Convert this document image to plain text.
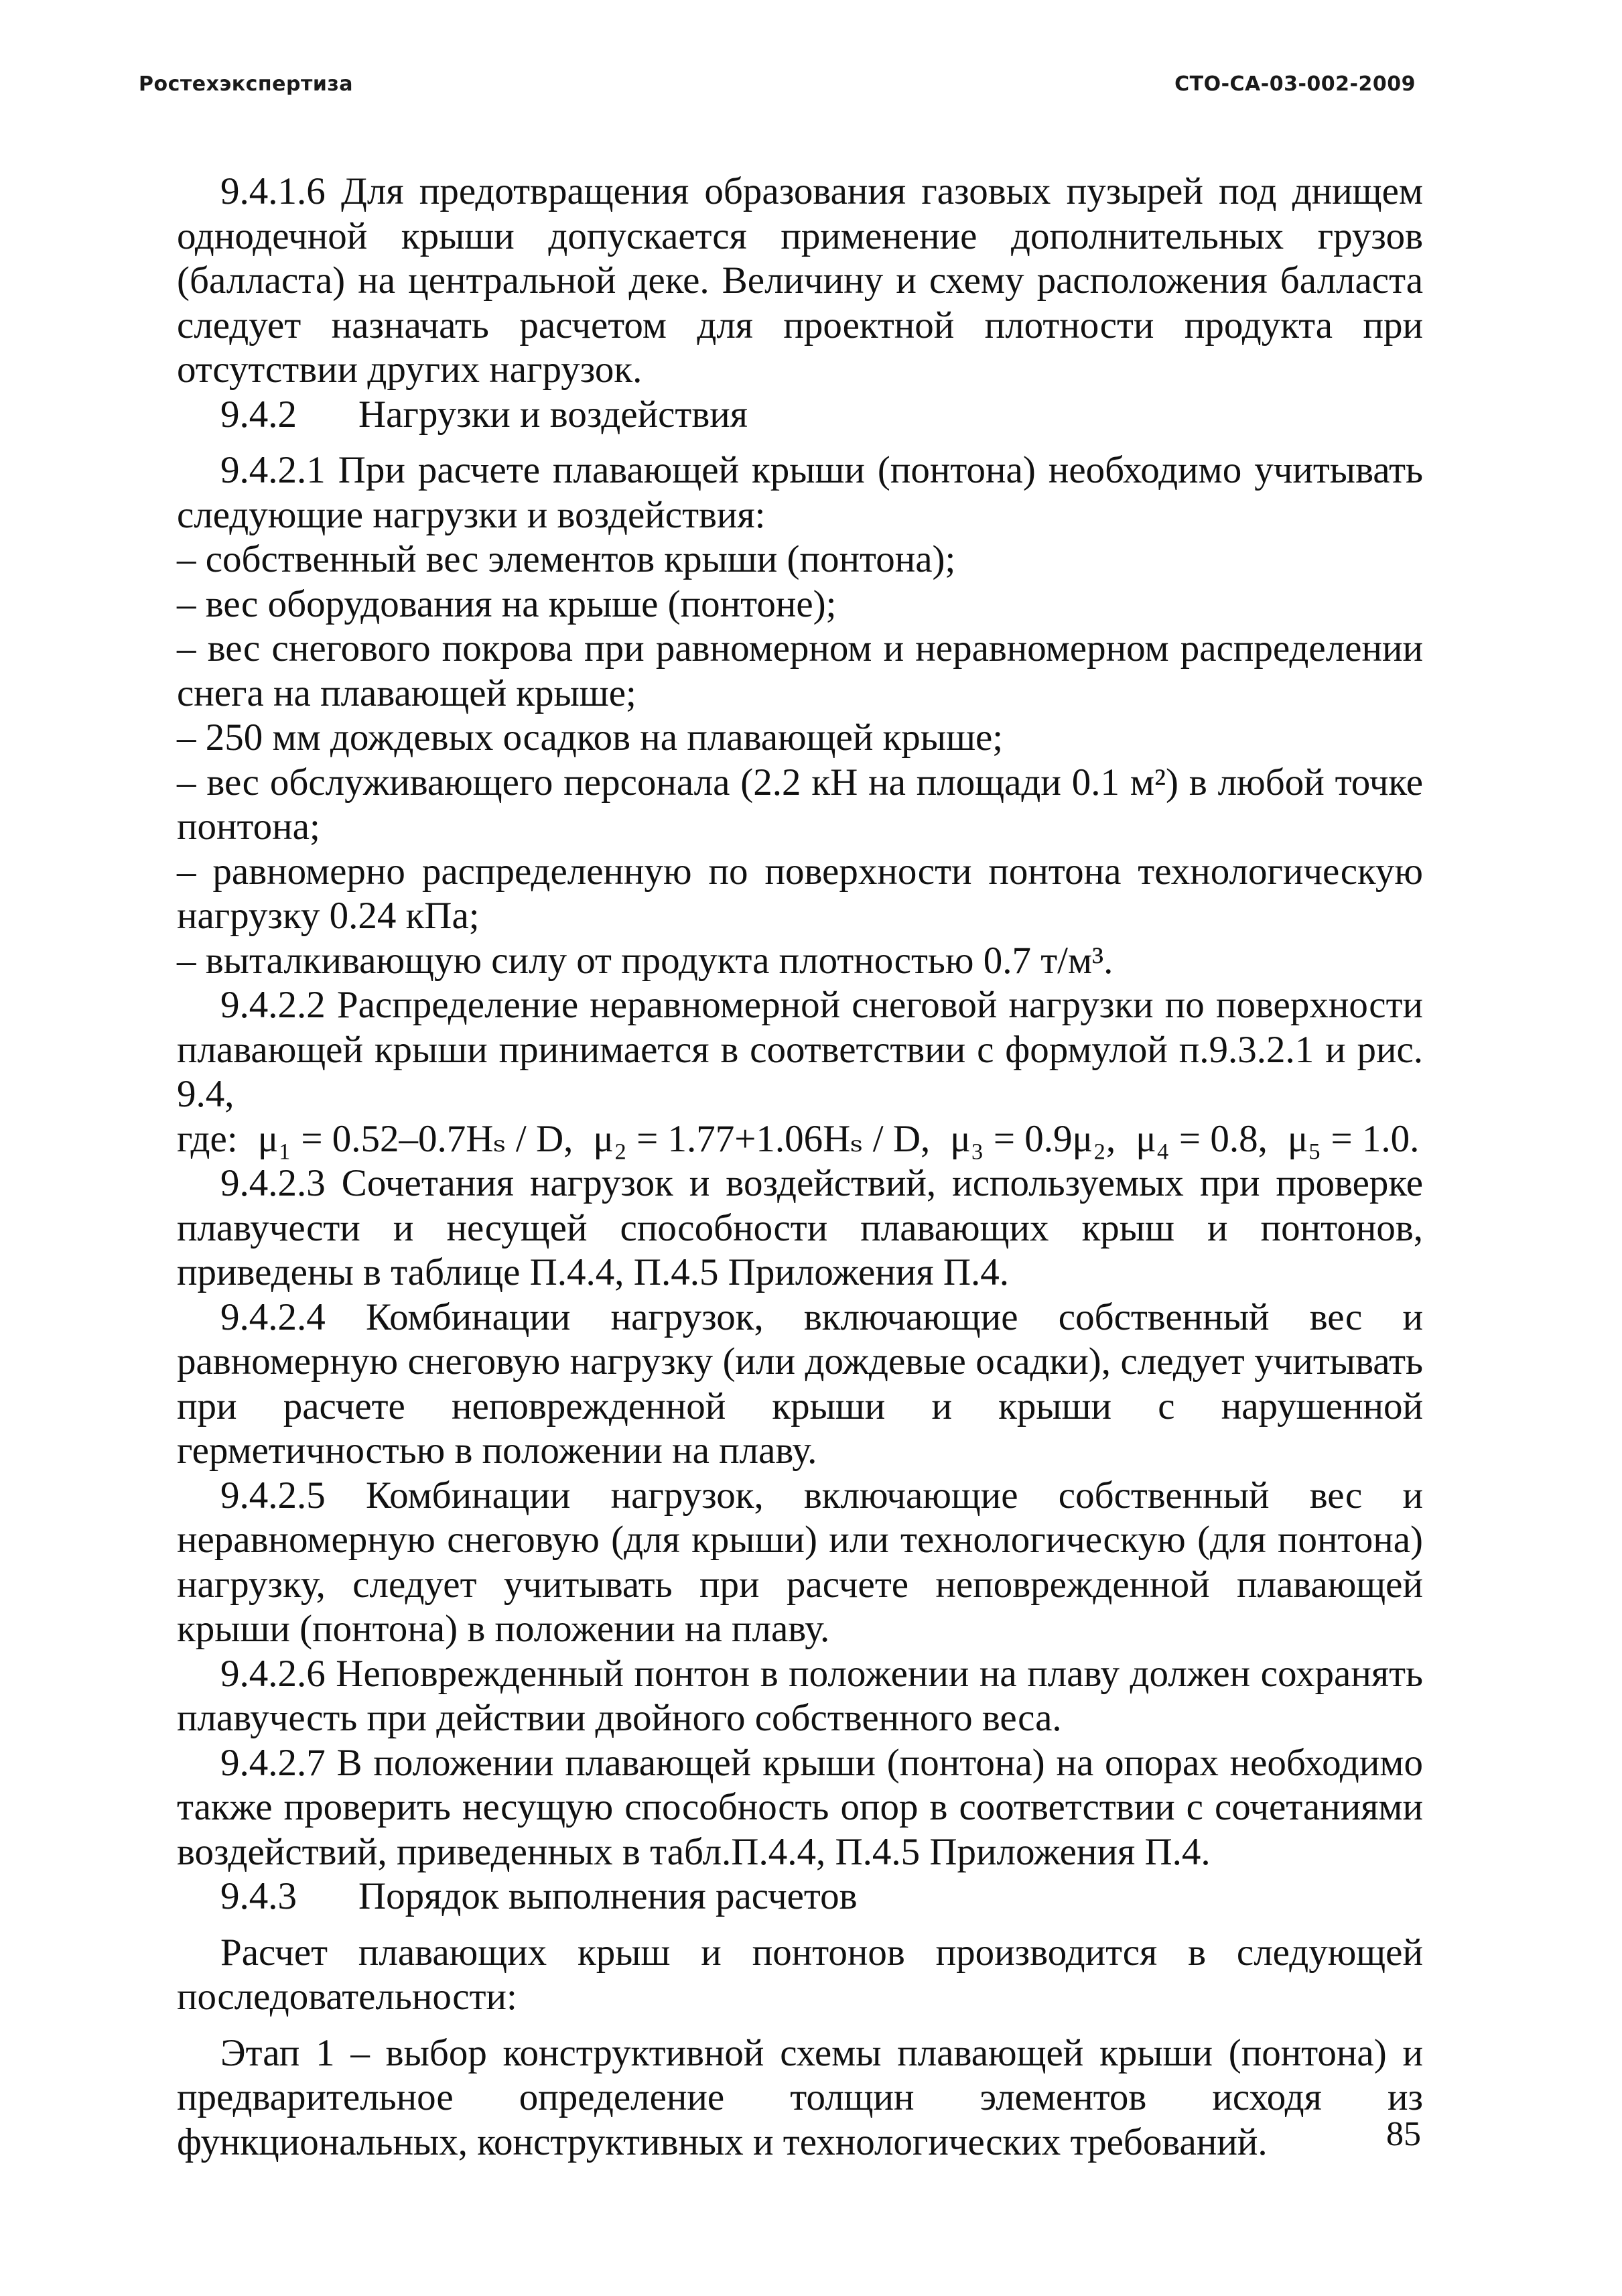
Ростехэкспертиза	СТО-СА-03-002-2009

9.4.1.6 Для предотвращения образования газовых пузырей под днищем однодечной крыши допускается применение дополнительных грузов (балласта) на центральной деке. Величину и схему расположения балласта следует назначать расчетом для проектной плотности продукта при отсутствии других нагрузок.

9.4.2 Нагрузки и воздействия

9.4.2.1 При расчете плавающей крыши (понтона) необходимо учитывать следующие нагрузки и воздействия:

– собственный вес элементов крыши (понтона);

– вес оборудования на крыше (понтоне);

– вес снегового покрова при равномерном и неравномерном распределении снега на плавающей крыше;

– 250 мм дождевых осадков на плавающей крыше;

– вес обслуживающего персонала (2.2 кН на площади 0.1 м²) в любой точке понтона;

– равномерно распределенную по поверхности понтона технологическую нагрузку 0.24 кПа;

– выталкивающую силу от продукта плотностью 0.7 т/м³.

9.4.2.2 Распределение неравномерной снеговой нагрузки по поверхности плавающей крыши принимается в соответствии с формулой п.9.3.2.1 и рис. 9.4,

где: μ₁ = 0.52–0.7Hₛ / D, μ₂ = 1.77+1.06Hₛ / D, μ₃ = 0.9μ₂, μ₄ = 0.8, μ₅ = 1.0.

9.4.2.3 Сочетания нагрузок и воздействий, используемых при проверке плавучести и несущей способности плавающих крыш и понтонов, приведены в таблице П.4.4, П.4.5 Приложения П.4.

9.4.2.4 Комбинации нагрузок, включающие собственный вес и равномерную снеговую нагрузку (или дождевые осадки), следует учитывать при расчете неповрежденной крыши и крыши с нарушенной герметичностью в положении на плаву.

9.4.2.5 Комбинации нагрузок, включающие собственный вес и неравномерную снеговую (для крыши) или технологическую (для понтона) нагрузку, следует учитывать при расчете неповрежденной плавающей крыши (понтона) в положении на плаву.

9.4.2.6 Неповрежденный понтон в положении на плаву должен сохранять плавучесть при действии двойного собственного веса.

9.4.2.7 В положении плавающей крыши (понтона) на опорах необходимо также проверить несущую способность опор в соответствии с сочетаниями воздействий, приведенных в табл.П.4.4, П.4.5 Приложения П.4.

9.4.3 Порядок выполнения расчетов

Расчет плавающих крыш и понтонов производится в следующей последовательности:

Этап 1 – выбор конструктивной схемы плавающей крыши (понтона) и предварительное определение толщин элементов исходя из функциональных, конструктивных и технологических требований.	85
